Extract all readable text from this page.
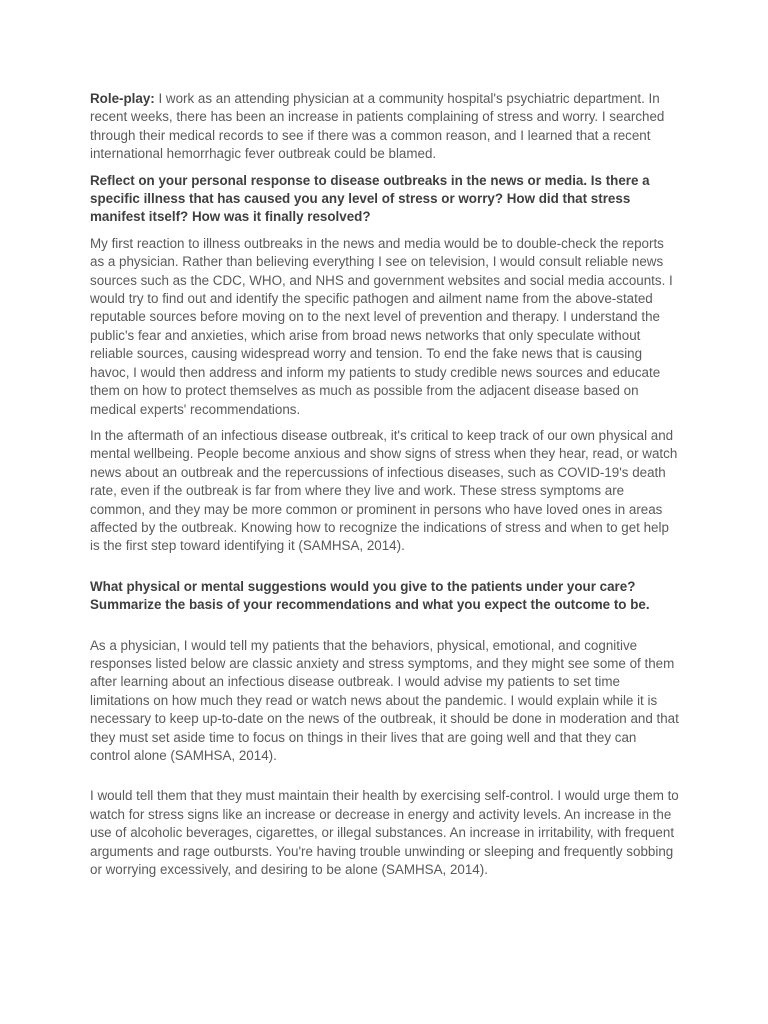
Role-play: I work as an attending physician at a community hospital's psychiatric department. In recent weeks, there has been an increase in patients complaining of stress and worry. I searched through their medical records to see if there was a common reason, and I learned that a recent international hemorrhagic fever outbreak could be blamed.

Reflect on your personal response to disease outbreaks in the news or media. Is there a specific illness that has caused you any level of stress or worry? How did that stress manifest itself? How was it finally resolved?

My first reaction to illness outbreaks in the news and media would be to double-check the reports as a physician. Rather than believing everything I see on television, I would consult reliable news sources such as the CDC, WHO, and NHS and government websites and social media accounts. I would try to find out and identify the specific pathogen and ailment name from the above-stated reputable sources before moving on to the next level of prevention and therapy. I understand the public's fear and anxieties, which arise from broad news networks that only speculate without reliable sources, causing widespread worry and tension. To end the fake news that is causing havoc, I would then address and inform my patients to study credible news sources and educate them on how to protect themselves as much as possible from the adjacent disease based on medical experts' recommendations.

In the aftermath of an infectious disease outbreak, it's critical to keep track of our own physical and mental wellbeing. People become anxious and show signs of stress when they hear, read, or watch news about an outbreak and the repercussions of infectious diseases, such as COVID-19's death rate, even if the outbreak is far from where they live and work. These stress symptoms are common, and they may be more common or prominent in persons who have loved ones in areas affected by the outbreak. Knowing how to recognize the indications of stress and when to get help is the first step toward identifying it (SAMHSA, 2014).

What physical or mental suggestions would you give to the patients under your care? Summarize the basis of your recommendations and what you expect the outcome to be.

As a physician, I would tell my patients that the behaviors, physical, emotional, and cognitive responses listed below are classic anxiety and stress symptoms, and they might see some of them after learning about an infectious disease outbreak. I would advise my patients to set time limitations on how much they read or watch news about the pandemic. I would explain while it is necessary to keep up-to-date on the news of the outbreak, it should be done in moderation and that they must set aside time to focus on things in their lives that are going well and that they can control alone (SAMHSA, 2014).

I would tell them that they must maintain their health by exercising self-control. I would urge them to watch for stress signs like an increase or decrease in energy and activity levels. An increase in the use of alcoholic beverages, cigarettes, or illegal substances. An increase in irritability, with frequent arguments and rage outbursts. You're having trouble unwinding or sleeping and frequently sobbing or worrying excessively, and desiring to be alone (SAMHSA, 2014).
